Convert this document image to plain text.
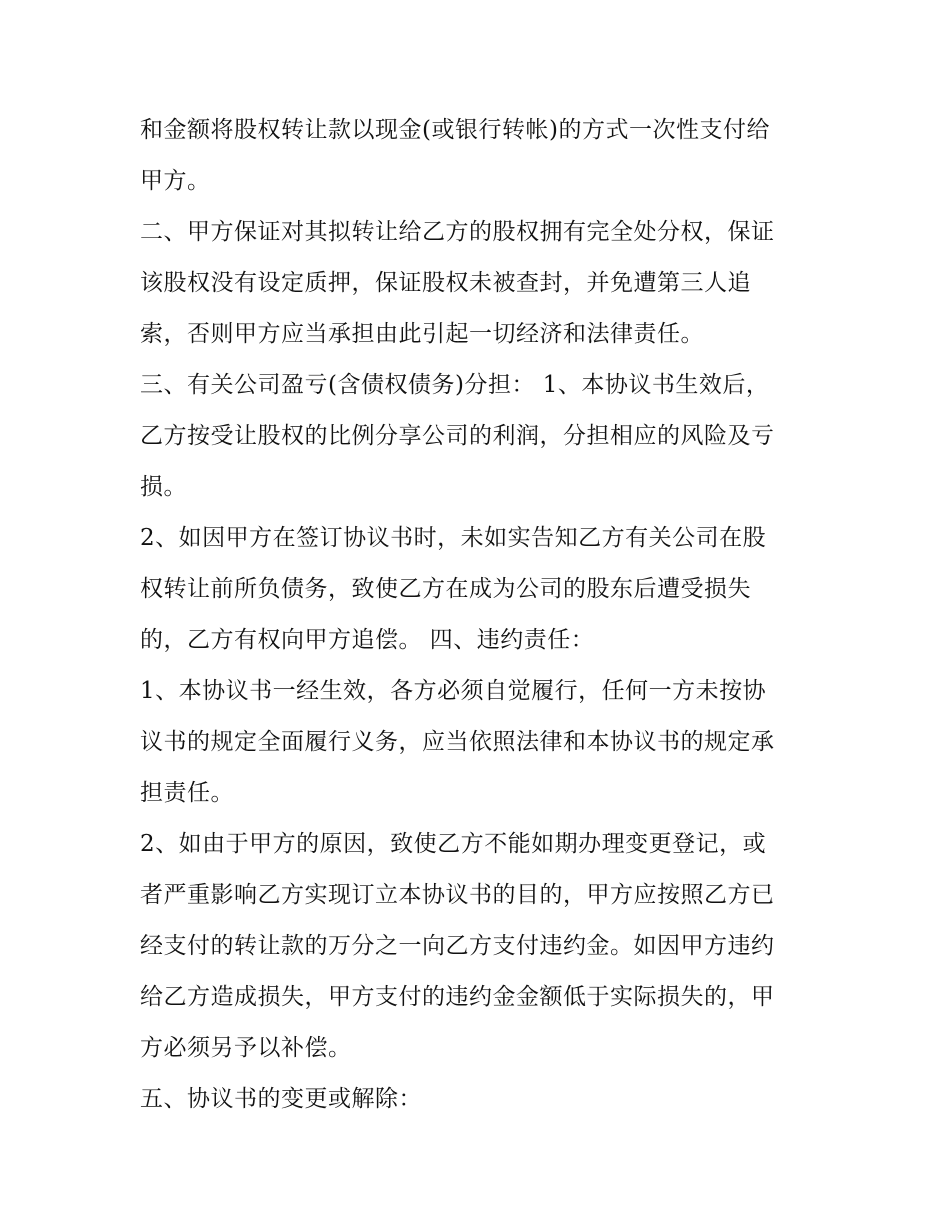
和金额将股权转让款以现金(或银行转帐)的方式一次性支付给
甲方。
二、甲方保证对其拟转让给乙方的股权拥有完全处分权，保证
该股权没有设定质押，保证股权未被查封，并免遭第三人追
索，否则甲方应当承担由此引起一切经济和法律责任。
三、有关公司盈亏(含债权债务)分担： 1、本协议书生效后，
乙方按受让股权的比例分享公司的利润，分担相应的风险及亏
损。
2、如因甲方在签订协议书时，未如实告知乙方有关公司在股
权转让前所负债务，致使乙方在成为公司的股东后遭受损失
的，乙方有权向甲方追偿。 四、违约责任：
1、本协议书一经生效，各方必须自觉履行，任何一方未按协
议书的规定全面履行义务，应当依照法律和本协议书的规定承
担责任。
2、如由于甲方的原因，致使乙方不能如期办理变更登记，或
者严重影响乙方实现订立本协议书的目的，甲方应按照乙方已
经支付的转让款的万分之一向乙方支付违约金。如因甲方违约
给乙方造成损失，甲方支付的违约金金额低于实际损失的，甲
方必须另予以补偿。
五、协议书的变更或解除：
